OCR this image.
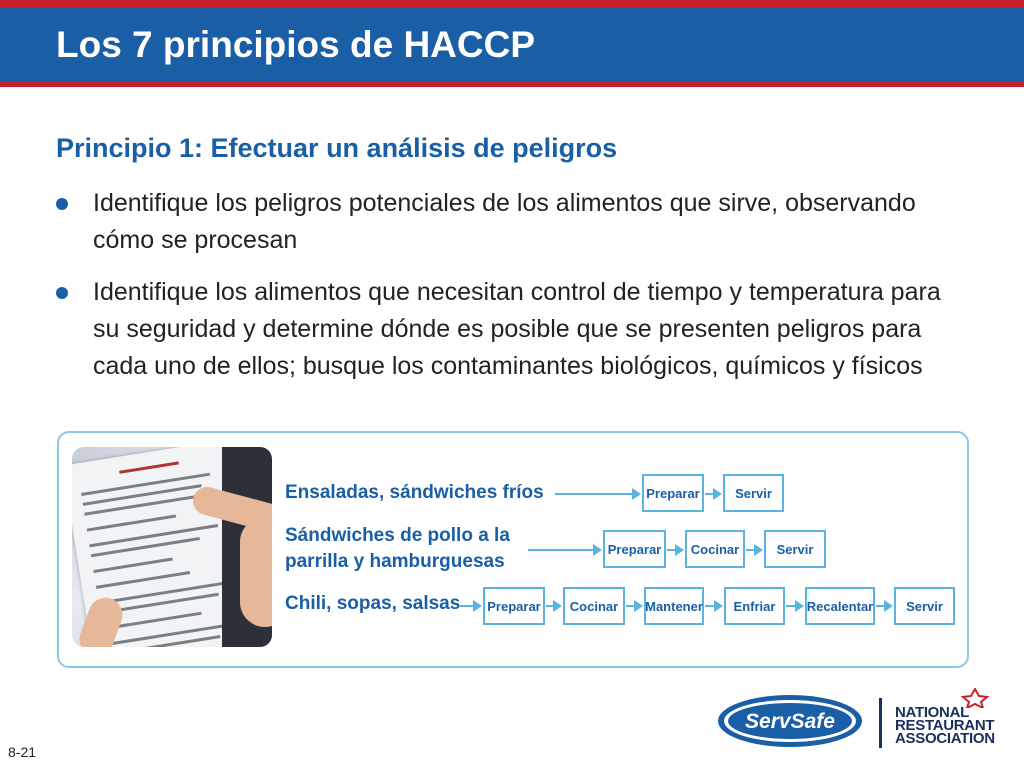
Los 7 principios de HACCP
Principio 1: Efectuar un análisis de peligros
Identifique los peligros potenciales de los alimentos que sirve, observando cómo se procesan
Identifique los alimentos que necesitan control de tiempo y temperatura para su seguridad y determine dónde es posible que se presenten peligros para cada uno de ellos; busque los contaminantes biológicos, químicos y físicos
Ensaladas, sándwiches fríos	Preparar	Servir
Sándwiches de pollo a la parrilla y hamburguesas
Preparar	Cocinar	Servir
Chili, sopas, salsas	Preparar	Cocinar	Mantener	Enfriar	Recalentar	Servir
8-21
ServSafe	NATIONAL
RESTAURANT
ASSOCIATION
